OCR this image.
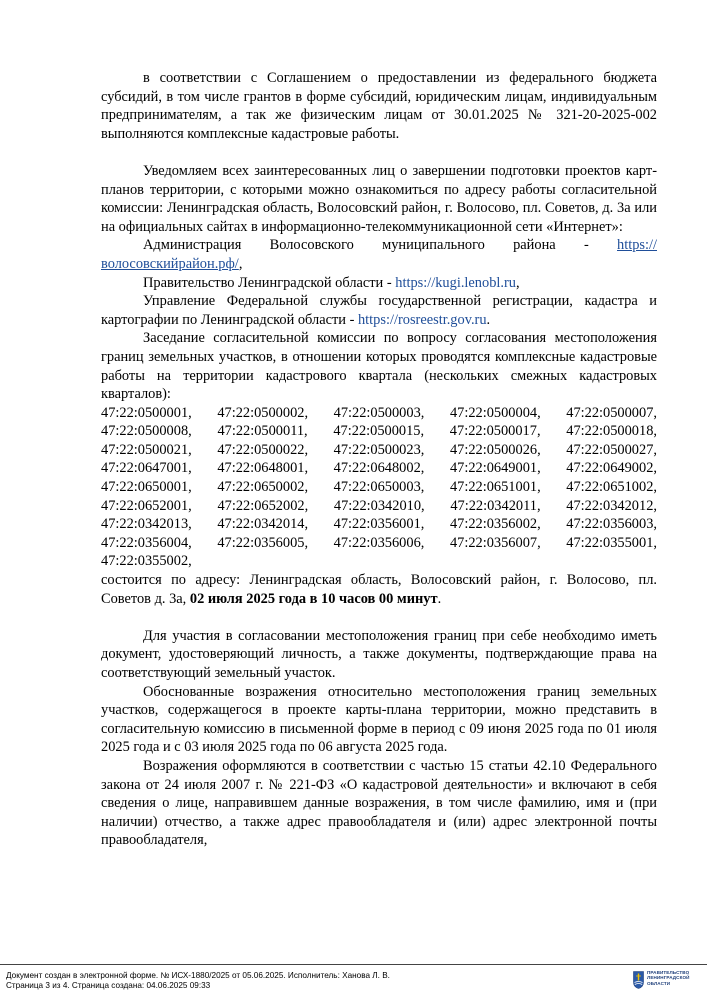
в соответствии с Соглашением о предоставлении из федерального бюджета субсидий, в том числе грантов в форме субсидий, юридическим лицам, индивидуальным предпринимателям, а так же физическим лицам от 30.01.2025 № 321-20-2025-002 выполняются комплексные кадастровые работы.

Уведомляем всех заинтересованных лиц о завершении подготовки проектов карт-планов территории, с которыми можно ознакомиться по адресу работы согласительной комиссии: Ленинградская область, Волосовский район, г. Волосово, пл. Советов, д. 3а или на официальных сайтах в информационно-телекоммуникационной сети «Интернет»:

Администрация Волосовского муниципального района - https://волосовскийрайон.рф/,

Правительство Ленинградской области - https://kugi.lenobl.ru,

Управление Федеральной службы государственной регистрации, кадастра и картографии по Ленинградской области - https://rosreestr.gov.ru.

Заседание согласительной комиссии по вопросу согласования местоположения границ земельных участков, в отношении которых проводятся комплексные кадастровые работы на территории кадастрового квартала (нескольких смежных кадастровых кварталов):

47:22:0500001, 47:22:0500002, 47:22:0500003, 47:22:0500004, 47:22:0500007, 47:22:0500008, 47:22:0500011, 47:22:0500015, 47:22:0500017, 47:22:0500018, 47:22:0500021, 47:22:0500022, 47:22:0500023, 47:22:0500026, 47:22:0500027, 47:22:0647001, 47:22:0648001, 47:22:0648002, 47:22:0649001, 47:22:0649002, 47:22:0650001, 47:22:0650002, 47:22:0650003, 47:22:0651001, 47:22:0651002, 47:22:0652001, 47:22:0652002, 47:22:0342010, 47:22:0342011, 47:22:0342012, 47:22:0342013, 47:22:0342014, 47:22:0356001, 47:22:0356002, 47:22:0356003, 47:22:0356004, 47:22:0356005, 47:22:0356006, 47:22:0356007, 47:22:0355001, 47:22:0355002,

состоится по адресу: Ленинградская область, Волосовский район, г. Волосово, пл. Советов д. 3а, 02 июля 2025 года в 10 часов 00 минут.

Для участия в согласовании местоположения границ при себе необходимо иметь документ, удостоверяющий личность, а также документы, подтверждающие права на соответствующий земельный участок.

Обоснованные возражения относительно местоположения границ земельных участков, содержащегося в проекте карты-плана территории, можно представить в согласительную комиссию в письменной форме в период с 09 июня 2025 года по 01 июля 2025 года и с 03 июля 2025 года по 06 августа 2025 года.

Возражения оформляются в соответствии с частью 15 статьи 42.10 Федерального закона от 24 июля 2007 г. № 221-ФЗ «О кадастровой деятельности» и включают в себя сведения о лице, направившем данные возражения, в том числе фамилию, имя и (при наличии) отчество, а также адрес правообладателя и (или) адрес электронной почты правообладателя,

Документ создан в электронной форме. № ИСХ-1880/2025 от 05.06.2025. Исполнитель: Ханова Л. В.
Страница 3 из 4. Страница создана: 04.06.2025 09:33
ПРАВИТЕЛЬСТВО
ЛЕНИНГРАДСКОЙ
ОБЛАСТИ
